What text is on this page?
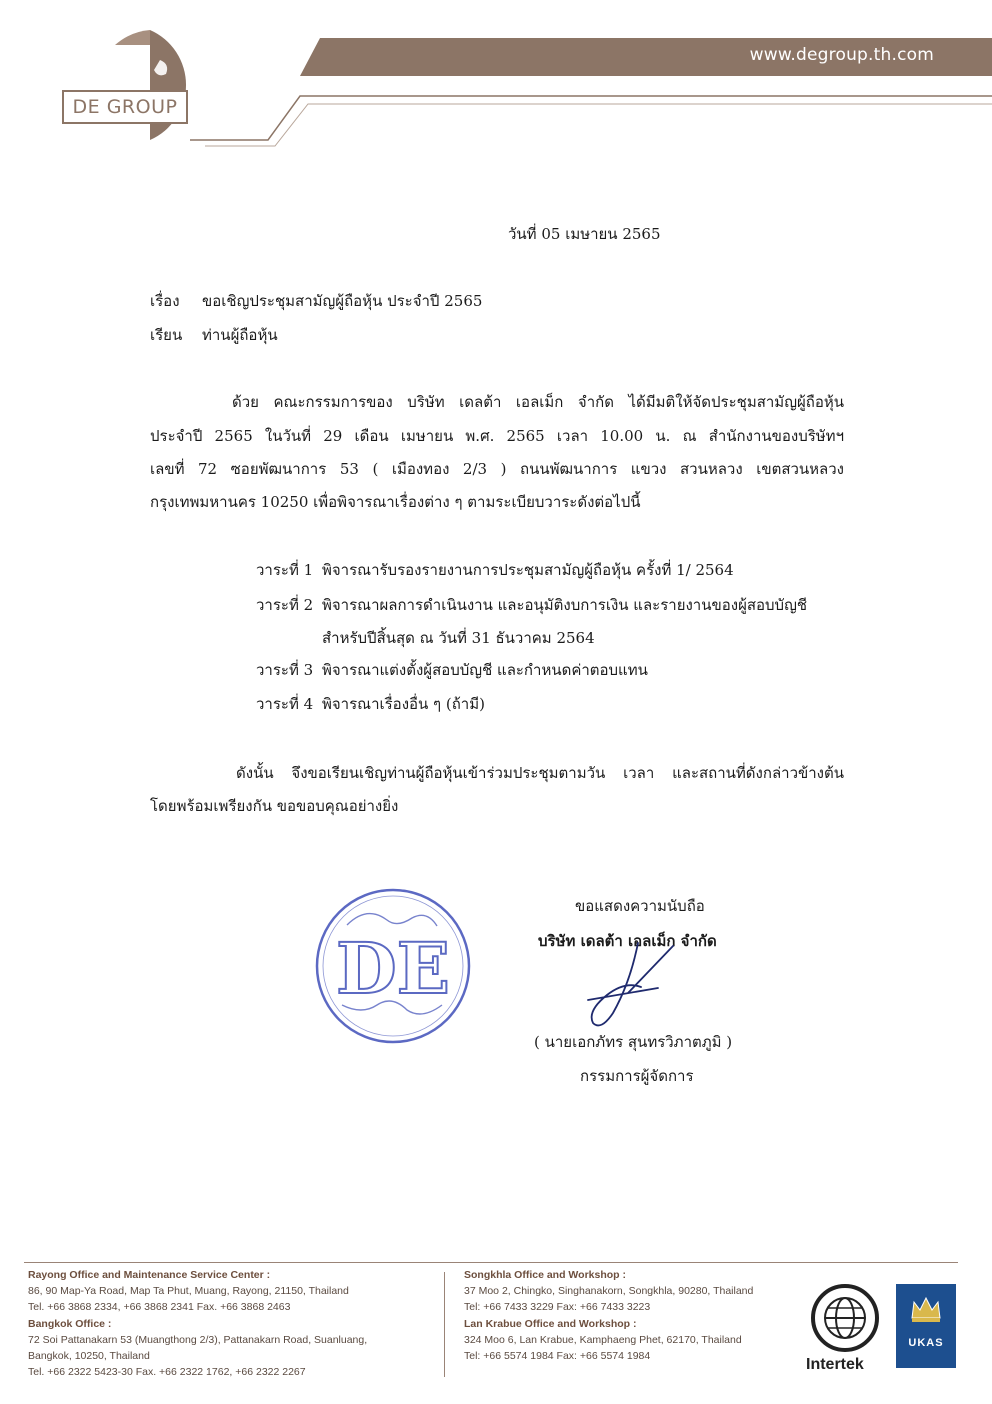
www.degroup.th.com
DE GROUP
วันที่ 05 เมษายน 2565
เรื่อง ขอเชิญประชุมสามัญผู้ถือหุ้น ประจำปี 2565
เรียน ท่านผู้ถือหุ้น
ด้วย คณะกรรมการของ บริษัท เดลต้า เอลเม็ก จำกัด ได้มีมติให้จัดประชุมสามัญผู้ถือหุ้น
ประจำปี 2565 ในวันที่ 29 เดือน เมษายน พ.ศ. 2565 เวลา 10.00 น. ณ สำนักงานของบริษัทฯ
เลขที่ 72 ซอยพัฒนาการ 53 ( เมืองทอง 2/3 ) ถนนพัฒนาการ แขวง สวนหลวง เขตสวนหลวง
กรุงเทพมหานคร 10250 เพื่อพิจารณาเรื่องต่าง ๆ ตามระเบียบวาระดังต่อไปนี้
วาระที่ 1 พิจารณารับรองรายงานการประชุมสามัญผู้ถือหุ้น ครั้งที่ 1/ 2564
วาระที่ 2 พิจารณาผลการดำเนินงาน และอนุมัติงบการเงิน และรายงานของผู้สอบบัญชี
สำหรับปีสิ้นสุด ณ วันที่ 31 ธันวาคม 2564
วาระที่ 3 พิจารณาแต่งตั้งผู้สอบบัญชี และกำหนดค่าตอบแทน
วาระที่ 4 พิจารณาเรื่องอื่น ๆ (ถ้ามี)
ดังนั้น จึงขอเรียนเชิญท่านผู้ถือหุ้นเข้าร่วมประชุมตามวัน เวลา และสถานที่ดังกล่าวข้างต้น
โดยพร้อมเพรียงกัน ขอขอบคุณอย่างยิ่ง
ขอแสดงความนับถือ
บริษัท เดลต้า เอลเม็ก จำกัด
DE
( นายเอกภัทร สุนทรวิภาตภูมิ )
กรรมการผู้จัดการ
Rayong Office and Maintenance Service Center :
86, 90 Map-Ya Road, Map Ta Phut, Muang, Rayong, 21150, Thailand
Tel. +66 3868 2334, +66 3868 2341 Fax. +66 3868 2463
Bangkok Office :
72 Soi Pattanakarn 53 (Muangthong 2/3), Pattanakarn Road, Suanluang,
Bangkok, 10250, Thailand
Tel. +66 2322 5423-30 Fax. +66 2322 1762, +66 2322 2267
Songkhla Office and Workshop :
37 Moo 2, Chingko, Singhanakorn, Songkhla, 90280, Thailand
Tel: +66 7433 3229 Fax: +66 7433 3223
Lan Krabue Office and Workshop :
324 Moo 6, Lan Krabue, Kamphaeng Phet, 62170, Thailand
Tel: +66 5574 1984 Fax: +66 5574 1984	Intertek
UKAS
